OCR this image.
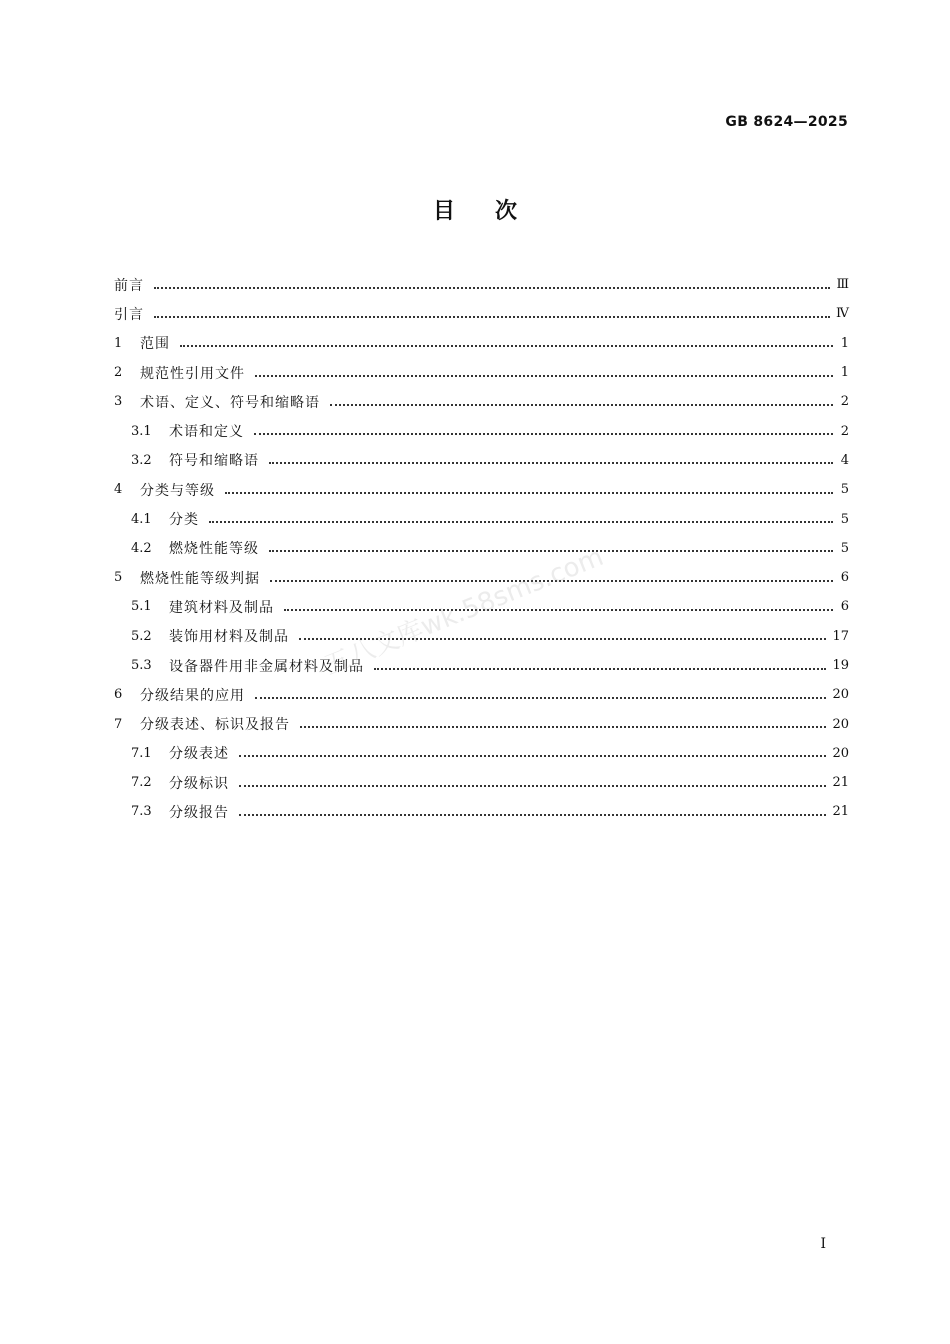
GB 8624—2025
目次
前言	Ⅲ
引言	Ⅳ
1	范围	1
2	规范性引用文件	1
3	术语、定义、符号和缩略语	2
3.1	术语和定义	2
3.2	符号和缩略语	4
4	分类与等级	5
4.1	分类	5
4.2	燃烧性能等级	5
5	燃烧性能等级判据	6
5.1	建筑材料及制品	6
5.2	装饰用材料及制品	17
5.3	设备器件用非金属材料及制品	19
6	分级结果的应用	20
7	分级表述、标识及报告	20
7.1	分级表述	20
7.2	分级标识	21
7.3	分级报告	21
五八文库wk.58sms.com
I
